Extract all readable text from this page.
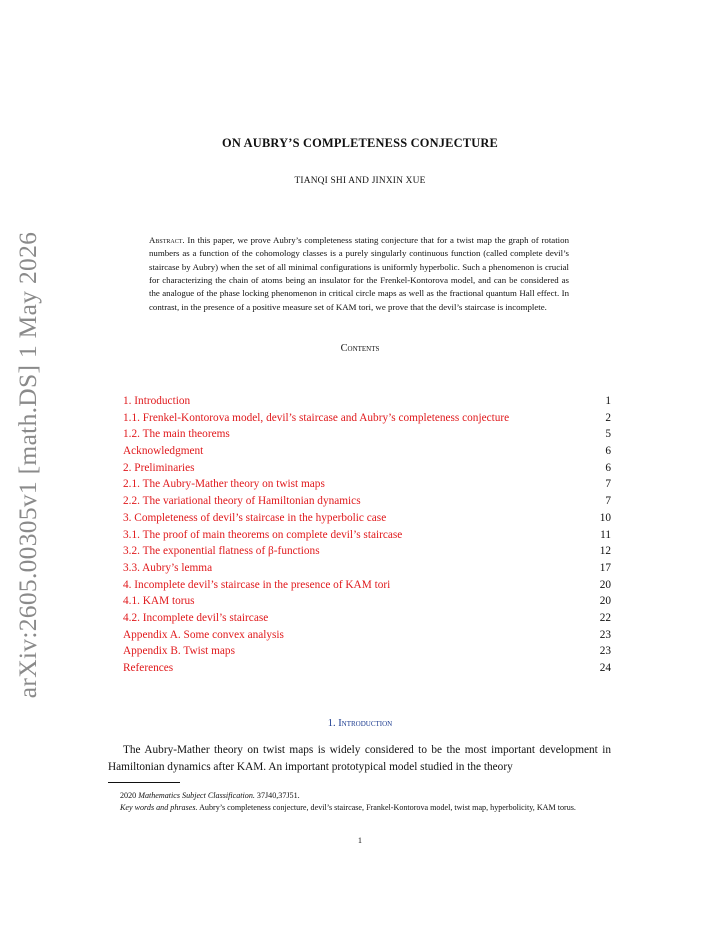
arXiv:2605.00305v1 [math.DS] 1 May 2026
ON AUBRY’S COMPLETENESS CONJECTURE
TIANQI SHI AND JINXIN XUE
Abstract. In this paper, we prove Aubry’s completeness stating conjecture that for a twist map the graph of rotation numbers as a function of the cohomology classes is a purely singularly continuous function (called complete devil’s staircase by Aubry) when the set of all minimal configurations is uniformly hyperbolic. Such a phenomenon is crucial for characterizing the chain of atoms being an insulator for the Frenkel-Kontorova model, and can be considered as the analogue of the phase locking phenomenon in critical circle maps as well as the fractional quantum Hall effect. In contrast, in the presence of a positive measure set of KAM tori, we prove that the devil’s staircase is incomplete.
Contents
1. Introduction	1
1.1. Frenkel-Kontorova model, devil’s staircase and Aubry’s completeness conjecture	2
1.2. The main theorems	5
Acknowledgment	6
2. Preliminaries	6
2.1. The Aubry-Mather theory on twist maps	7
2.2. The variational theory of Hamiltonian dynamics	7
3. Completeness of devil’s staircase in the hyperbolic case	10
3.1. The proof of main theorems on complete devil’s staircase	11
3.2. The exponential flatness of β-functions	12
3.3. Aubry’s lemma	17
4. Incomplete devil’s staircase in the presence of KAM tori	20
4.1. KAM torus	20
4.2. Incomplete devil’s staircase	22
Appendix A. Some convex analysis	23
Appendix B. Twist maps	23
References	24
1. Introduction
The Aubry-Mather theory on twist maps is widely considered to be the most important development in Hamiltonian dynamics after KAM. An important prototypical model studied in the theory

2020 Mathematics Subject Classification. 37J40,37J51.

Key words and phrases. Aubry’s completeness conjecture, devil’s staircase, Frankel-Kontorova model, twist map, hyperbolicity, KAM torus.

1
